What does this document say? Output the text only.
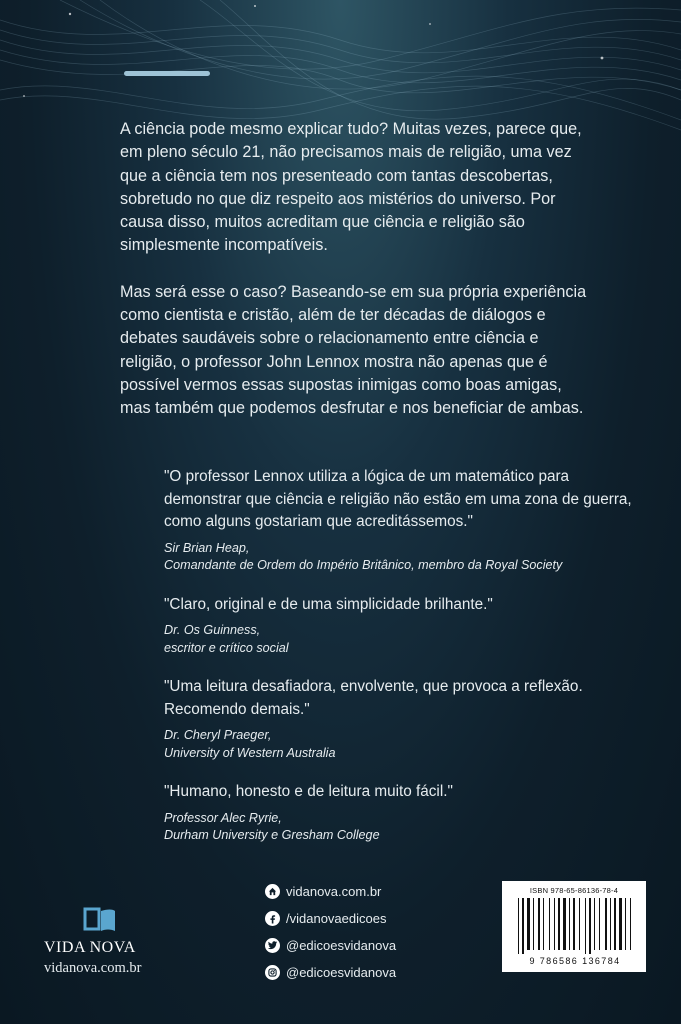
A ciência pode mesmo explicar tudo? Muitas vezes, parece que, em pleno século 21, não precisamos mais de religião, uma vez que a ciência tem nos presenteado com tantas descobertas, sobretudo no que diz respeito aos mistérios do universo. Por causa disso, muitos acreditam que ciência e religião são simplesmente incompatíveis.

Mas será esse o caso? Baseando-se em sua própria experiência como cientista e cristão, além de ter décadas de diálogos e debates saudáveis sobre o relacionamento entre ciência e religião, o professor John Lennox mostra não apenas que é possível vermos essas supostas inimigas como boas amigas, mas também que podemos desfrutar e nos beneficiar de ambas.

"O professor Lennox utiliza a lógica de um matemático para demonstrar que ciência e religião não estão em uma zona de guerra, como alguns gostariam que acreditássemos."
Sir Brian Heap,
Comandante de Ordem do Império Britânico, membro da Royal Society
"Claro, original e de uma simplicidade brilhante."
Dr. Os Guinness,
escritor e crítico social
"Uma leitura desafiadora, envolvente, que provoca a reflexão. Recomendo demais."
Dr. Cheryl Praeger,
University of Western Australia
"Humano, honesto e de leitura muito fácil."
Professor Alec Ryrie,
Durham University e Gresham College
VIDA NOVA
vidanova.com.br
vidanova.com.br
/vidanovaedicoes
@edicoesvidanova
@edicoesvidanova
ISBN 978-65-86136-78-4
9 786586 136784
